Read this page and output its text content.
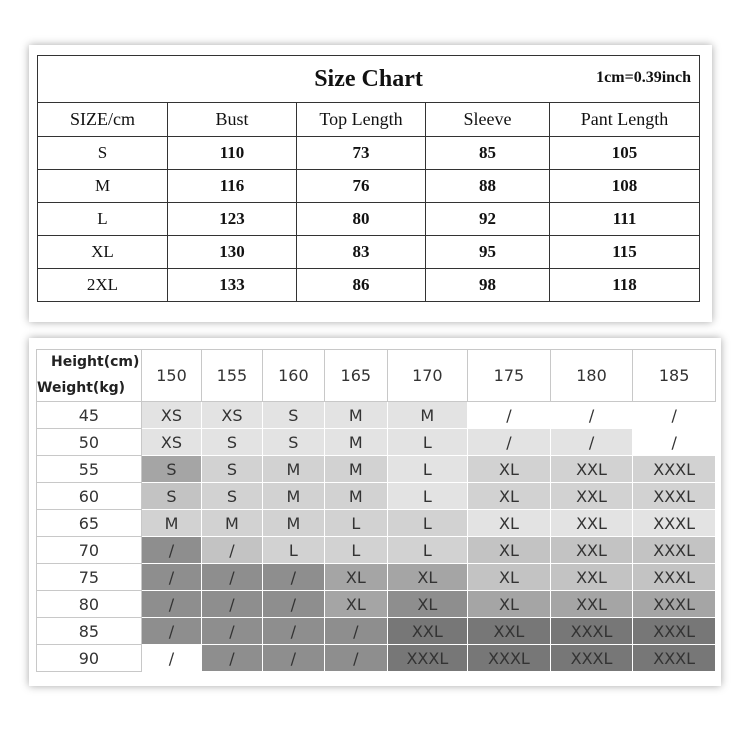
Size Chart 1cm=0.39inch				

SIZE/cm	Bust	Top Length	Sleeve	Pant Length
S	110	73	85	105
M	116	76	88	108
L	123	80	92	111
XL	130	83	95	115
2XL	133	86	98	118
Height(cm)
Weight(kg)	150	155	160	165	170	175	180	185
45	XS	XS	S	M	M	/	/	/
50	XS	S	S	M	L	/	/	/
55	S	S	M	M	L	XL	XXL	XXXL
60	S	S	M	M	L	XL	XXL	XXXL
65	M	M	M	L	L	XL	XXL	XXXL
70	/	/	L	L	L	XL	XXL	XXXL
75	/	/	/	XL	XL	XL	XXL	XXXL
80	/	/	/	XL	XL	XL	XXL	XXXL
85	/	/	/	/	XXL	XXL	XXXL	XXXL
90	/	/	/	/	XXXL	XXXL	XXXL	XXXL
